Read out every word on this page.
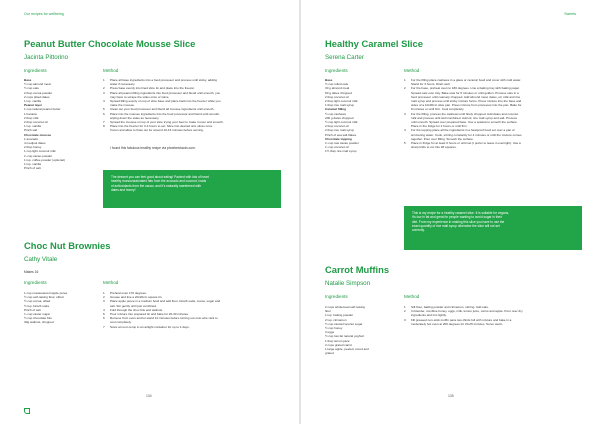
Our recipes for wellbeing
Peanut Butter Chocolate Mousse Slice
Jacinta Pittorino
Ingredients	Method
Base
½ cup almond meal
½ cup oats
2 tbsp cocoa powder
2 cups pitted dates
1 tsp. vanilla
Peanut layer
1 cup natural peanut butter
1 banana
2 tbsp milk
2 tbsp coconut oil
1 tsp. vanilla
Pinch salt
Chocolate mousse
1 avocado
4 medjool dates
2 tbsp honey
1 cup light coconut milk
¼ cup cacao powder
1 tsp. coffee powder (optional)
1 tsp. vanilla
Pinch of salt
1 Place all base ingredients into a food processor and process until sticky, adding
water if necessary.
2 Press base evenly into lined slice tin and place into the freezer.
3 Place all peanut filling ingredients into food processor and blend until smooth, you
may have to scrape the sides once or twice.
4 Spread filling evenly on top of slice base and place back into the freezer while you
make the mousse.
5 Clean out your food processor and blend all mousse ingredients until smooth.
6 Place into the mousse ingredients into the food processor and blend until smooth,
wiping down the sides as necessary.
7 Spread the mousse on top of your slice trying your best to make it even and smooth.
8 Place into the freezer for 3-4 hours to set. Slice into desired size slices once
frozen and allow to thaw out for around 10-15 minutes before serving.
I found this fabulous healthy recipe via phoebesfoods.com.
The dessert you can feel good about eating! Packed with lots of heart
healthy monounsaturated fats from the avocado and coconut, loads
of antioxidants from the cacao, and it's naturally sweetened with
dates and honey!
Choc Nut Brownies
Cathy Vitale
Makes 16
Ingredients	Method
1 cup unsweetened apple puree
½ cup self-raising flour, sifted
½ cup cocoa, sifted
½ tsp. bicarb soda
Pinch of salt
¾ cup caster sugar
½ cup chocolate bits
30g walnuts, chopped
1 Preheat oven 170 degrees.
2 Grease and line a 20x20cm square tin.
3 Place apple puree in a medium bowl and add flour, bicarb soda, cocoa, sugar and
salt. Stir gently until just combined.
4 Fold through the choc bits and walnuts.
5 Pour mixture into prepared tin and bake for 20-30 minutes.
6 Remove from oven and let stand 10 minutes before turning out onto wire rack to
cool completely.
7 Store at room temp in an airtight container for up to 4 days.
134
Sweets
Healthy Caramel Slice
Serena Carter
Ingredients	Method
Base
½ cup rolled oats
30 g almond meal
60 g dates chopped
2 tbsp coconut oil
2 tbsp light coconut milk
1 tbsp rice malt syrup
Caramel filling
½ cup cashews
200 g dates chopped
½ cup light coconut milk
2 tbsp coconut oil
2 tbsp rice malt syrup
Pinch of sea salt flakes
Chocolate topping
¼ cup raw cacao powder
¼ cup coconut oil
1½ tbsp rice malt syrup
1 For the filling place cashews in a glass or ceramic bowl and cover with cold water.
Stand for 3 hours. Drain well.
2 For the base, preheat oven to 180 degrees. Line a baking tray with baking paper.
Spread oats over tray. Bake oats for 6 minutes or until golden. Process oats in a
food processor until coarsely chopped. Add almond meal, dates, oil, milk and rice
malt syrup and process until sticky mixture forms. Press mixture into the base and
sides of a 10x30cm slice pan. Press mixture from processor into the pan. Bake for
8 minutes or until firm. Cool completely.
3 For the filling, process the cashews until finely chopped. Add dates and coconut
milk and process until well combined. Add oil, rice malt syrup and salt. Process
until smooth. Spread over prepared base. Use a spatula to smooth the surface.
Place in the fridge for 2 hours or until firm.
4 For the topping place all the ingredients in a heatproof bowl set over a pan of
simmering water. Cook, stirring constantly for 4 minutes or until the mixture comes
together. Pour over filling. Smooth the surface.
5 Place in fridge for at least 6 hours or until set (I prefer to leave it overnight). Use a
sharp knife to cut into 28 squares.
This is my recipe for a healthy caramel slice. It is suitable for vegans,
it's low in fat and great for people wanting to avoid sugar in their
diet. From my experience in making this slice you have to use the
exact quantity of rice malt syrup otherwise the slice will not set
correctly.
Carrot Muffins
Natalie Simpson
Ingredients	Method
2 cups wholemeal self-raising
flour
1 tsp. baking powder
2 tsp. cinnamon
½ cup castor/coconut sugar
½ cup honey
3 eggs
½ cup low fat natural yoghurt
1 tbsp lemon juice
2 cups grated carrot
1 large apple, peeled, cored and
grated
1 Sift flour, baking powder and cinnamon, stirring. Add oats.
2 In blender, combine honey, eggs, milk, lemon juice, carrot and apple. Pour over dry
ingredients and mix lightly.
3 Fill greased non-stick muffin pans two-thirds full with mixture and bake in a
moderately hot oven at 200 degrees for 20-25 minutes. Serve warm.
135
